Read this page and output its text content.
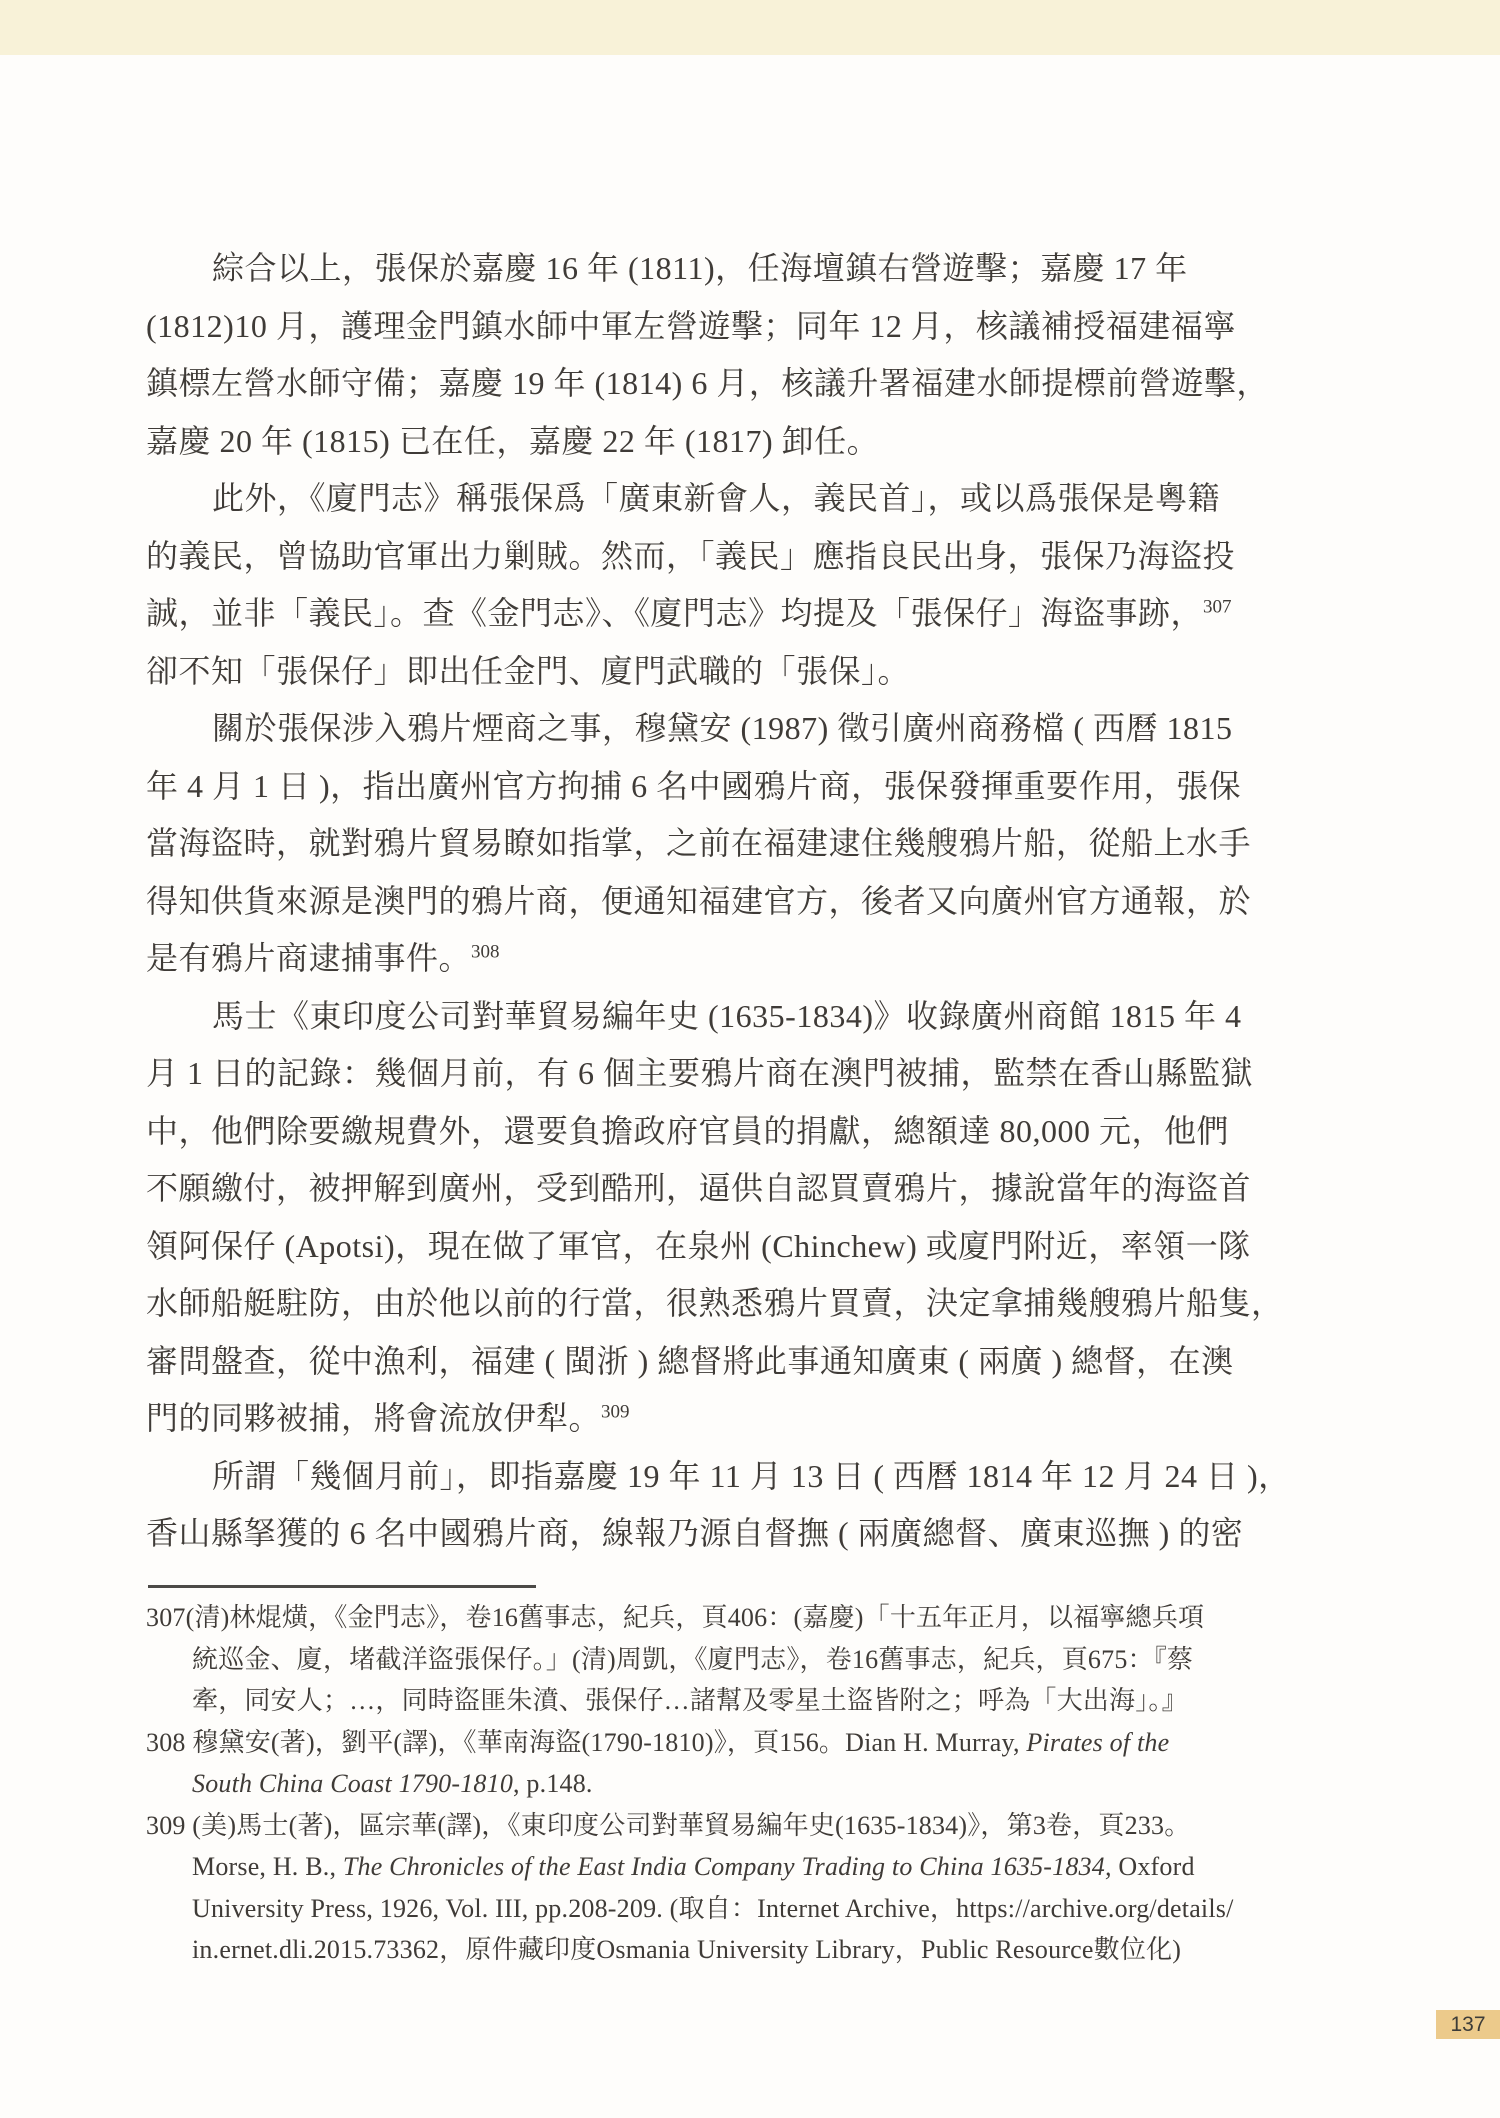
綜合以上，張保於嘉慶 16 年 (1811)，任海壇鎮右營遊擊；嘉慶 17 年
(1812)10 月，護理金門鎮水師中軍左營遊擊；同年 12 月，核議補授福建福寧
鎮標左營水師守備；嘉慶 19 年 (1814) 6 月，核議升署福建水師提標前營遊擊，
嘉慶 20 年 (1815) 已在任，嘉慶 22 年 (1817) 卸任。
此外，《廈門志》稱張保爲「廣東新會人，義民首」，或以爲張保是粵籍
的義民，曾協助官軍出力剿賊。然而，「義民」應指良民出身，張保乃海盜投
誠，並非「義民」。查《金門志》、《廈門志》均提及「張保仔」海盜事跡，$^{307}$
卻不知「張保仔」即出任金門、廈門武職的「張保」。
關於張保涉入鴉片煙商之事，穆黛安 (1987) 徵引廣州商務檔 ( 西曆 1815
年 4 月 1 日 )，指出廣州官方拘捕 6 名中國鴉片商，張保發揮重要作用，張保
當海盜時，就對鴉片貿易瞭如指掌，之前在福建逮住幾艘鴉片船，從船上水手
得知供貨來源是澳門的鴉片商，便通知福建官方，後者又向廣州官方通報，於
是有鴉片商逮捕事件。$^{308}$
馬士《東印度公司對華貿易編年史 (1635-1834)》收錄廣州商館 1815 年 4
月 1 日的記錄：幾個月前，有 6 個主要鴉片商在澳門被捕，監禁在香山縣監獄
中，他們除要繳規費外，還要負擔政府官員的捐獻，總額達 80,000 元，他們
不願繳付，被押解到廣州，受到酷刑，逼供自認買賣鴉片，據說當年的海盜首
領阿保仔 (Apotsi)，現在做了軍官，在泉州 (Chinchew) 或廈門附近，率領一隊
水師船艇駐防，由於他以前的行當，很熟悉鴉片買賣，決定拿捕幾艘鴉片船隻，
審問盤查，從中漁利，福建 ( 閩浙 ) 總督將此事通知廣東 ( 兩廣 ) 總督，在澳
門的同夥被捕，將會流放伊犁。$^{309}$
所謂「幾個月前」，即指嘉慶 19 年 11 月 13 日 ( 西曆 1814 年 12 月 24 日 )，
香山縣拏獲的 6 名中國鴉片商，線報乃源自督撫 ( 兩廣總督、廣東巡撫 ) 的密
307(清)林焜熿，《金門志》，卷16舊事志，紀兵，頁406：(嘉慶)「十五年正月，以福寧總兵項
統巡金、廈，堵截洋盜張保仔。」(清)周凱，《廈門志》，卷16舊事志，紀兵，頁675：『蔡
牽，同安人；…，同時盜匪朱濆、張保仔…諸幫及零星土盜皆附之；呼為「大出海」。』
308 穆黛安(著)，劉平(譯)，《華南海盜(1790-1810)》，頁156。Dian H. Murray, Pirates of the
South China Coast 1790-1810, p.148.
309 (美)馬士(著)，區宗華(譯)，《東印度公司對華貿易編年史(1635-1834)》，第3卷，頁233。
Morse, H. B., The Chronicles of the East India Company Trading to China 1635-1834, Oxford
University Press, 1926, Vol. III, pp.208-209. (取自：Internet Archive，https://archive.org/details/
in.ernet.dli.2015.73362，原件藏印度Osmania University Library，Public Resource數位化)
137
